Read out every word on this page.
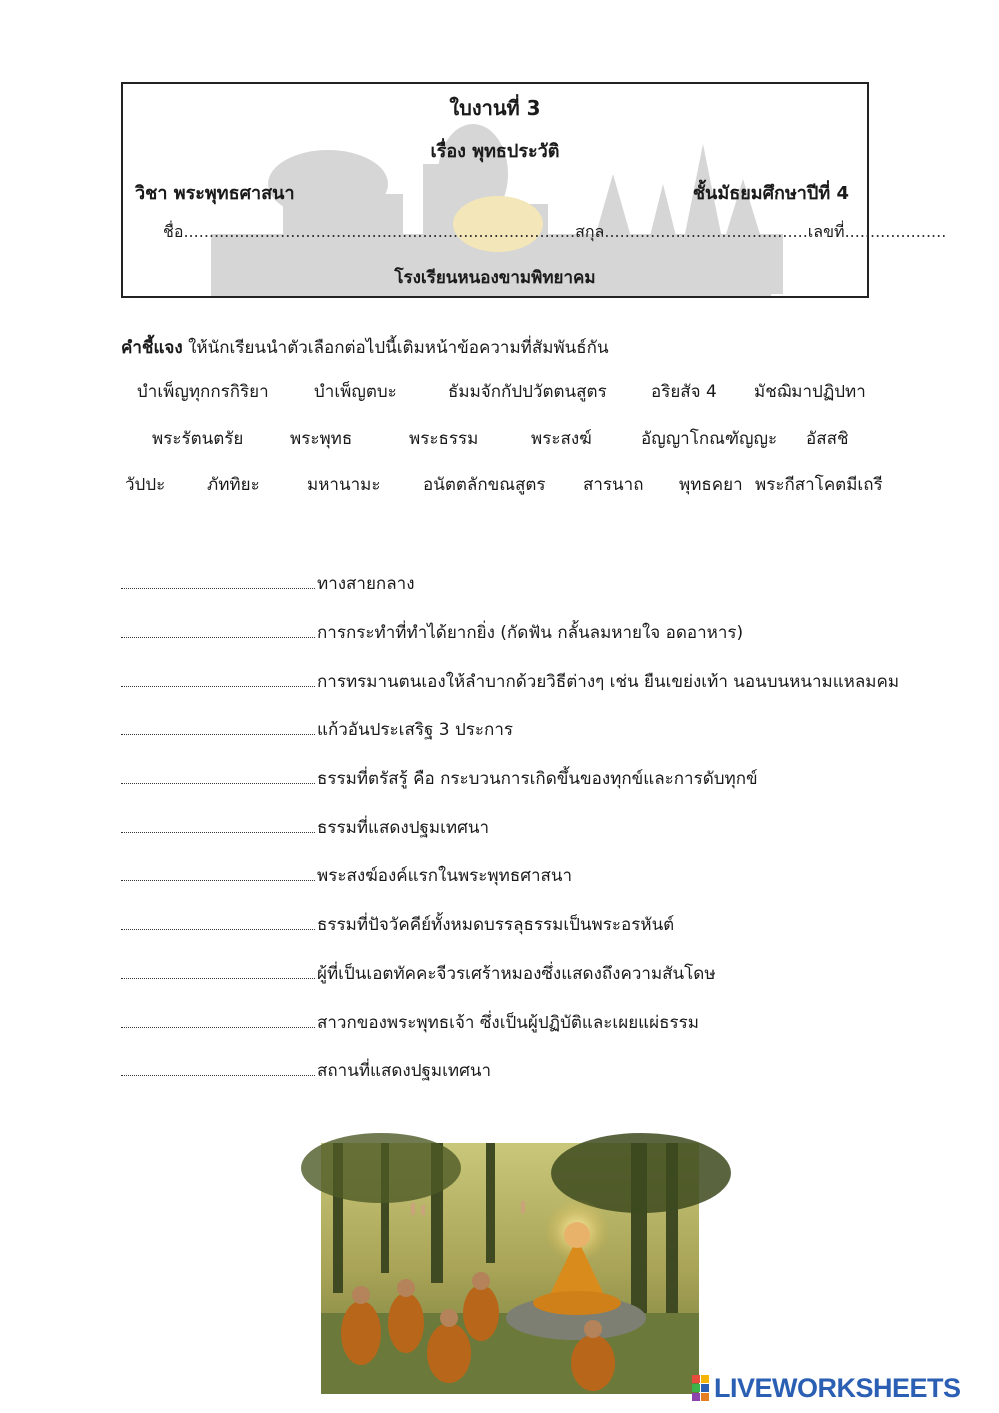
ใบงานที่ 3
เรื่อง พุทธประวัติ
วิชา พระพุทธศาสนา	ชั้นมัธยมศึกษาปีที่ 4
ชื่อ.............................................................................สกุล........................................เลขที่....................
โรงเรียนหนองขามพิทยาคม
คำชี้แจง ให้นักเรียนนำตัวเลือกต่อไปนี้เติมหน้าข้อความที่สัมพันธ์กัน
บำเพ็ญทุกกรกิริยา	บำเพ็ญตบะ	ธัมมจักกัปปวัตตนสูตร	อริยสัจ 4 มัชฌิมาปฏิปทา
พระรัตนตรัย	พระพุทธ	พระธรรม	พระสงฆ์	อัญญาโกณฑัญญะ อัสสชิ
วัปปะ ภัททิยะ	มหานามะ	อนัตตลักขณสูตร สารนาถ พุทธคยา พระกีสาโคตมีเถรี
ทางสายกลาง
การกระทำที่ทำได้ยากยิ่ง (กัดฟัน กลั้นลมหายใจ อดอาหาร)
การทรมานตนเองให้ลำบากด้วยวิธีต่างๆ เช่น ยืนเขย่งเท้า นอนบนหนามแหลมคม
แก้วอันประเสริฐ 3 ประการ
ธรรมที่ตรัสรู้ คือ กระบวนการเกิดขึ้นของทุกข์และการดับทุกข์
ธรรมที่แสดงปฐมเทศนา
พระสงฆ์องค์แรกในพระพุทธศาสนา
ธรรมที่ปัจวัคคีย์ทั้งหมดบรรลุธรรมเป็นพระอรหันต์
ผู้ที่เป็นเอตทัคคะจีวรเศร้าหมองซึ่งแสดงถึงความสันโดษ
สาวกของพระพุทธเจ้า ซึ่งเป็นผู้ปฏิบัติและเผยแผ่ธรรม
สถานที่แสดงปฐมเทศนา
LIVEWORKSHEETS
